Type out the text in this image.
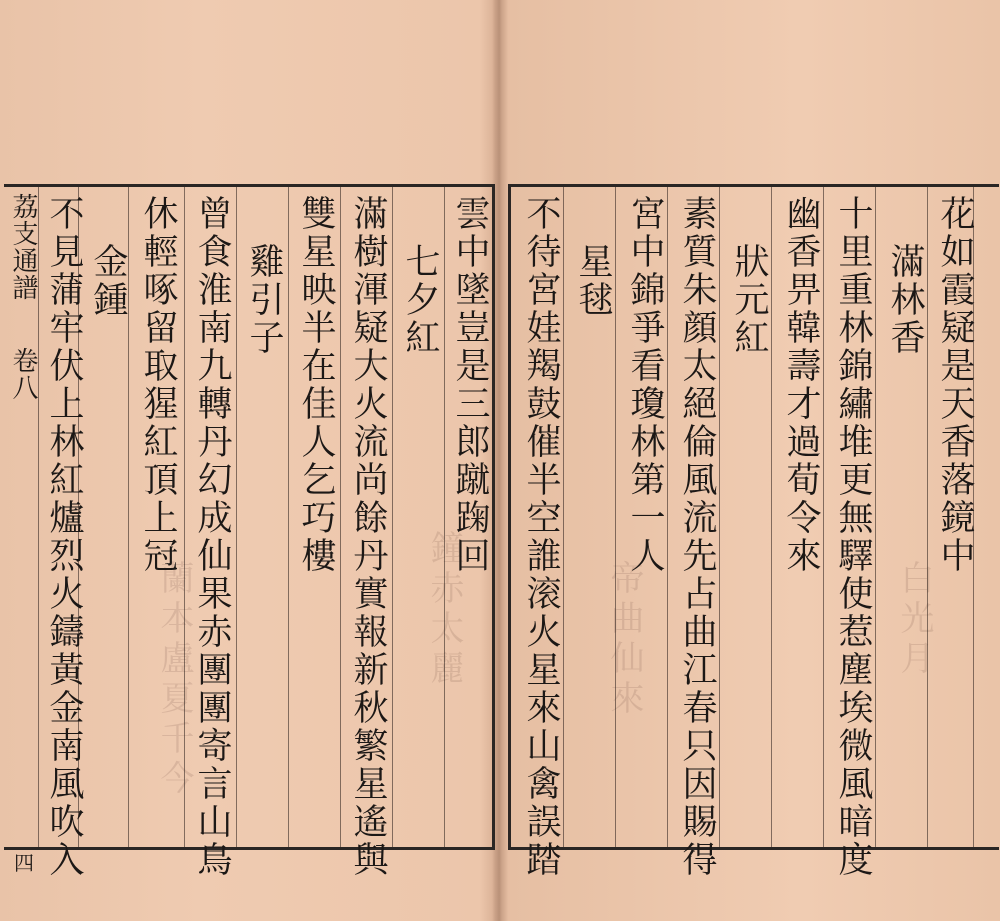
蘭本盧夏千今	鐘赤太麗	帝曲仙來	白光月
荔支通譜
卷八
四 不見蒲牢伏上林紅爐烈火鑄黃金南風吹入 金鍾 休輕啄留取猩紅頂上冠 曾食淮南九轉丹幻成仙果赤團團寄言山鳥 雞引子 雙星映半在佳人乞巧樓 滿樹渾疑大火流尚餘丹實報新秋繁星遙與 七夕紅 雲中墜豈是三郎蹴踘回 不待宮娃羯鼓催半空誰滚火星來山禽誤踏 星毬 宮中錦爭看瓊林第一人 素質朱顔太絕倫風流先占曲江春只因賜得 狀元紅 幽香畀韓壽才過荀令來 十里重林錦繡堆更無驛使惹塵埃微風暗度 滿林香 花如霞疑是天香落鏡中
